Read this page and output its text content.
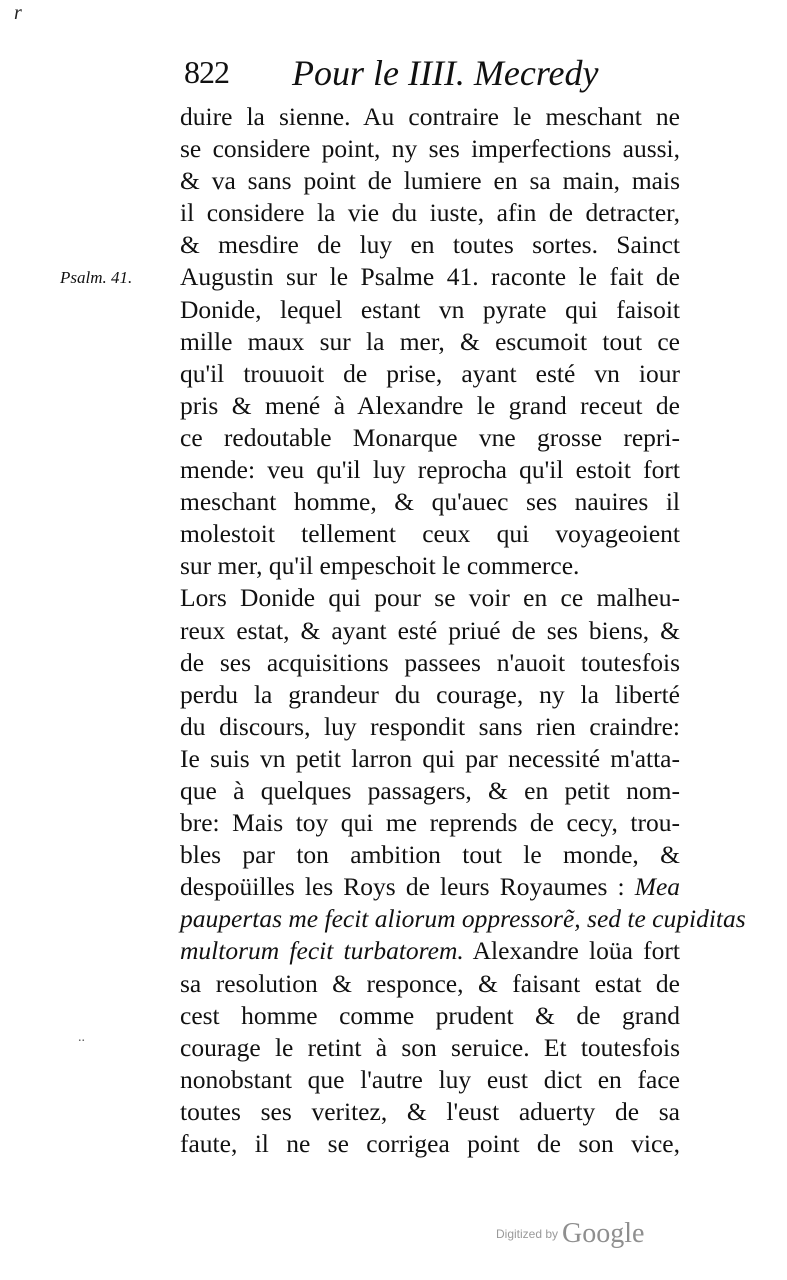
r
822 Pour le IIII. Mecredy
Psalm. 41.
duire la sienne. Au contraire le meschant ne
se considere point, ny ses imperfections aussi,
& va sans point de lumiere en sa main, mais
il considere la vie du iuste, afin de detracter,
& mesdire de luy en toutes sortes. Sainct
Augustin sur le Psalme 41. raconte le fait de
Donide, lequel estant vn pyrate qui faisoit
mille maux sur la mer, & escumoit tout ce
qu'il trouuoit de prise, ayant esté vn iour
pris & mené à Alexandre le grand receut de
ce redoutable Monarque vne grosse repri-
mende: veu qu'il luy reprocha qu'il estoit fort
meschant homme, & qu'auec ses nauires il
molestoit tellement ceux qui voyageoient
sur mer, qu'il empeschoit le commerce.
Lors Donide qui pour se voir en ce malheu-
reux estat, & ayant esté priué de ses biens, &
de ses acquisitions passees n'auoit toutesfois
perdu la grandeur du courage, ny la liberté
du discours, luy respondit sans rien craindre:
Ie suis vn petit larron qui par necessité m'atta-
que à quelques passagers, & en petit nom-
bre: Mais toy qui me reprends de cecy, trou-
bles par ton ambition tout le monde, &
despoüilles les Roys de leurs Royaumes : Mea
paupertas me fecit aliorum oppressorẽ, sed te cupiditas
multorum fecit turbatorem. Alexandre loüa fort
sa resolution & responce, & faisant estat de
cest homme comme prudent & de grand
courage le retint à son seruice. Et toutesfois
nonobstant que l'autre luy eust dict en face
toutes ses veritez, & l'eust aduerty de sa
faute, il ne se corrigea point de son vice,
..
Digitized by Google
